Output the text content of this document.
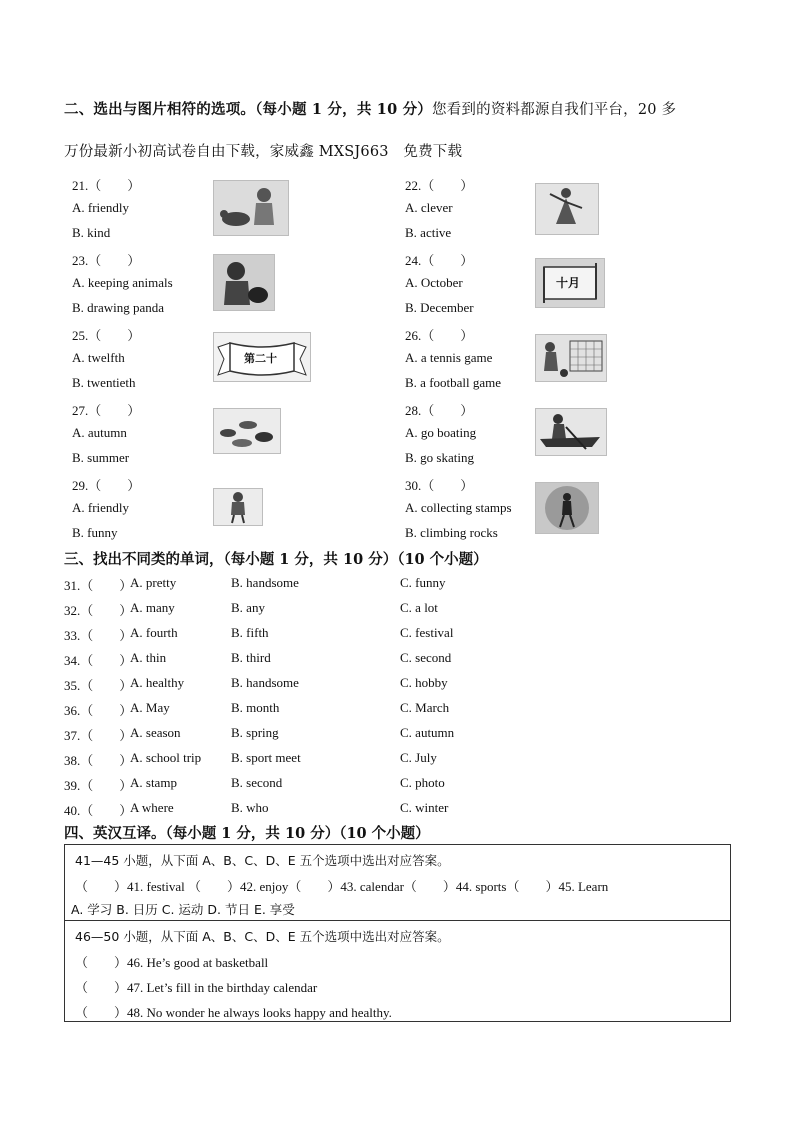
二、选出与图片相符的选项。（每小题 1 分，共 10 分）您看到的资料都源自我们平台，20 多
万份最新小初高试卷自由下载，家威鑫 MXSJ663　免费下载
21.（　　）
A. friendly
B. kind
22.（　　）
A. clever
B. active
23.（　　）
A. keeping animals
B. drawing panda
24.（　　）
A. October
B. December
25.（　　）
A. twelfth
B. twentieth
26.（　　）
A. a tennis game
B. a football game
27.（　　）
A. autumn
B. summer
28.（　　）
A. go boating
B. go skating
29.（　　）
A. friendly
B. funny
30.（　　）
A. collecting stamps
B. climbing rocks
十月
第二十
三、找出不同类的单词，（每小题 1 分，共 10 分）（10 个小题）
31.（　　）
A. pretty	B. handsome	C. funny
32.（　　）
A. many	B. any	C. a lot
33.（　　）
A. fourth	B. fifth	C. festival
34.（　　）
A. thin	B. third	C. second
35.（　　）
A. healthy	B. handsome	C. hobby
36.（　　）
A. May	B. month	C. March
37.（　　）
A. season	B. spring	C. autumn
38.（　　）
A. school trip B. sport meet	C. July
39.（　　）
A. stamp	B. second	C. photo
40.（　　）
A where	B. who	C. winter
四、英汉互译。（每小题 1 分，共 10 分）（10 个小题）
41—45 小题，从下面 A、B、C、D、E 五个选项中选出对应答案。
（　　）41. festival （　　）42. enjoy（　　）43. calendar（　　）44. sports（　　）45. Learn
A. 学习 B. 日历 C. 运动 D. 节日 E. 享受
46—50 小题，从下面 A、B、C、D、E 五个选项中选出对应答案。
（　　）46. He’s good at basketball
（　　）47. Let’s fill in the birthday calendar
（　　）48. No wonder he always looks happy and healthy.
